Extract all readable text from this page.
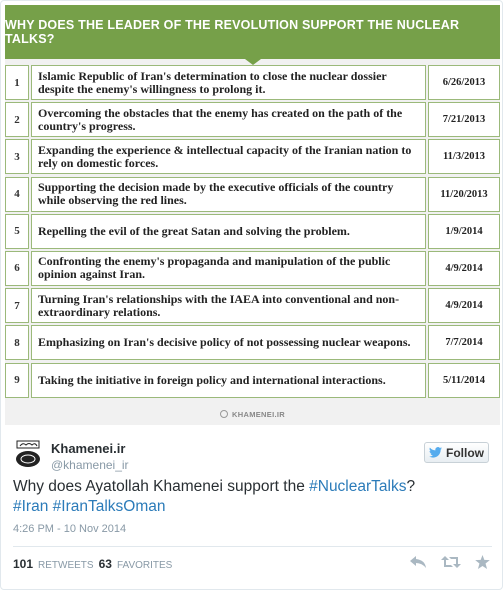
WHY DOES THE LEADER OF THE REVOLUTION SUPPORT THE NUCLEAR TALKS?
1	Islamic Republic of Iran's determination to close the nuclear dossier despite the enemy's willingness to prolong it.	6/26/2013
2	Overcoming the obstacles that the enemy has created on the path of the country's progress.	7/21/2013
3	Expanding the experience & intellectual capacity of the Iranian nation to rely on domestic forces.	11/3/2013
4	Supporting the decision made by the executive officials of the country while observing the red lines.	11/20/2013
5	Repelling the evil of the great Satan and solving the problem.	1/9/2014
6	Confronting the enemy's propaganda and manipulation of the public opinion against Iran.	4/9/2014
7	Turning Iran's relationships with the IAEA into conventional and non-extraordinary relations.	4/9/2014
8	Emphasizing on Iran's decisive policy of not possessing nuclear weapons.	7/7/2014
9	Taking the initiative in foreign policy and international interactions.	5/11/2014
KHAMENEI.IR
Khamenei.ir
@khamenei_ir
Follow
Why does Ayatollah Khamenei support the #NuclearTalks?
#Iran #IranTalksOman
4:26 PM - 10 Nov 2014
101 RETWEETS 63 FAVORITES
